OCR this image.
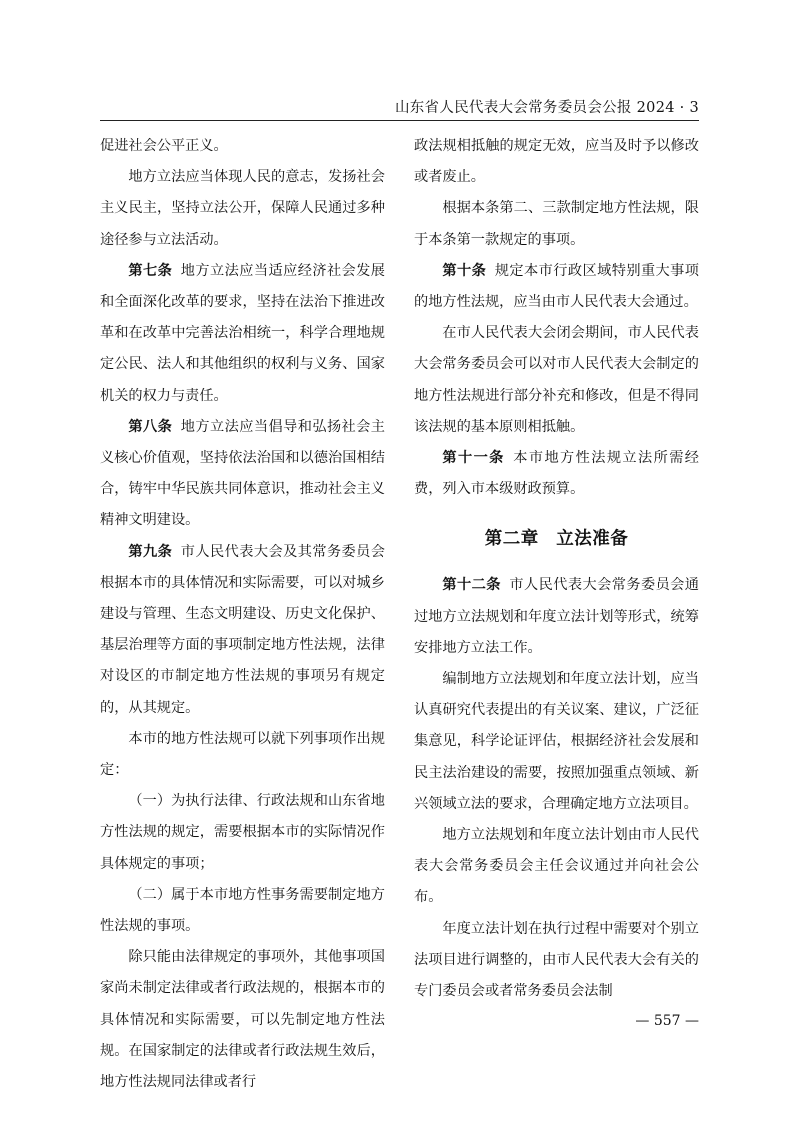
山东省人民代表大会常务委员会公报 2024 · 3

促进社会公平正义。

地方立法应当体现人民的意志，发扬社会主义民主，坚持立法公开，保障人民通过多种途径参与立法活动。

第七条 地方立法应当适应经济社会发展和全面深化改革的要求，坚持在法治下推进改革和在改革中完善法治相统一，科学合理地规定公民、法人和其他组织的权利与义务、国家机关的权力与责任。

第八条 地方立法应当倡导和弘扬社会主义核心价值观，坚持依法治国和以德治国相结合，铸牢中华民族共同体意识，推动社会主义精神文明建设。

第九条 市人民代表大会及其常务委员会根据本市的具体情况和实际需要，可以对城乡建设与管理、生态文明建设、历史文化保护、基层治理等方面的事项制定地方性法规，法律对设区的市制定地方性法规的事项另有规定的，从其规定。

本市的地方性法规可以就下列事项作出规定：

（一）为执行法律、行政法规和山东省地方性法规的规定，需要根据本市的实际情况作具体规定的事项；

（二）属于本市地方性事务需要制定地方性法规的事项。

除只能由法律规定的事项外，其他事项国家尚未制定法律或者行政法规的，根据本市的具体情况和实际需要，可以先制定地方性法规。在国家制定的法律或者行政法规生效后，地方性法规同法律或者行

政法规相抵触的规定无效，应当及时予以修改或者废止。

根据本条第二、三款制定地方性法规，限于本条第一款规定的事项。

第十条 规定本市行政区域特别重大事项的地方性法规，应当由市人民代表大会通过。

在市人民代表大会闭会期间，市人民代表大会常务委员会可以对市人民代表大会制定的地方性法规进行部分补充和修改，但是不得同该法规的基本原则相抵触。

第十一条 本市地方性法规立法所需经费，列入市本级财政预算。

第二章 立法准备

第十二条 市人民代表大会常务委员会通过地方立法规划和年度立法计划等形式，统筹安排地方立法工作。

编制地方立法规划和年度立法计划，应当认真研究代表提出的有关议案、建议，广泛征集意见，科学论证评估，根据经济社会发展和民主法治建设的需要，按照加强重点领域、新兴领域立法的要求，合理确定地方立法项目。

地方立法规划和年度立法计划由市人民代表大会常务委员会主任会议通过并向社会公布。

年度立法计划在执行过程中需要对个别立法项目进行调整的，由市人民代表大会有关的专门委员会或者常务委员会法制

— 557 —
